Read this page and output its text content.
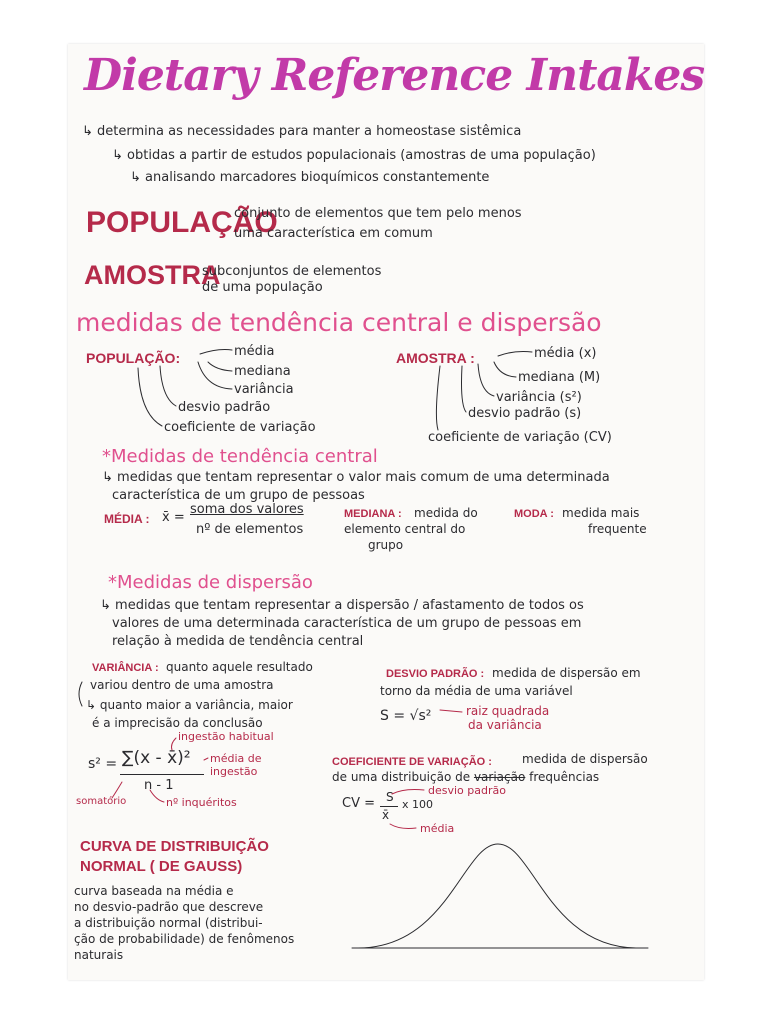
Dietary Reference Intakes
↳ determina as necessidades para manter a homeostase sistêmica
↳ obtidas a partir de estudos populacionais (amostras de uma população)
↳ analisando marcadores bioquímicos constantemente
POPULAÇÃO
conjunto de elementos que tem pelo menos
uma característica em comum
AMOSTRA
subconjuntos de elementos
de uma população
medidas de tendência central e dispersão
POPULAÇÃO:	média
mediana
variância
desvio padrão
coeficiente de variação
AMOSTRA :	média (x)
mediana (M)
variância (s²)
desvio padrão (s)
coeficiente de variação (CV)
*Medidas de tendência central
↳ medidas que tentam representar o valor mais comum de uma determinada
característica de um grupo de pessoas
MÉDIA : x̄ =
soma dos valores
nº de elementos
MEDIANA : medida do
elemento central do
grupo
MODA : medida mais
frequente
*Medidas de dispersão
↳ medidas que tentam representar a dispersão / afastamento de todos os
valores de uma determinada característica de um grupo de pessoas em
relação à medida de tendência central
VARIÂNCIA : quanto aquele resultado
variou dentro de uma amostra
↳ quanto maior a variância, maior
é a imprecisão da conclusão
ingestão habitual
s² = ∑(x - x̄)²
n - 1
média de
ingestão
somatório	nº inquéritos
DESVIO PADRÃO : medida de dispersão em
torno da média de uma variável
S = √s²	raiz quadrada
da variância
COEFICIENTE DE VARIAÇÃO :	medida de dispersão
de uma distribuição de variação frequências
desvio padrão
CV = S
x̄
x 100
média
CURVA DE DISTRIBUIÇÃO
NORMAL ( DE GAUSS)
curva baseada na média e
no desvio-padrão que descreve
a distribuição normal (distribui-
ção de probabilidade) de fenômenos
naturais
